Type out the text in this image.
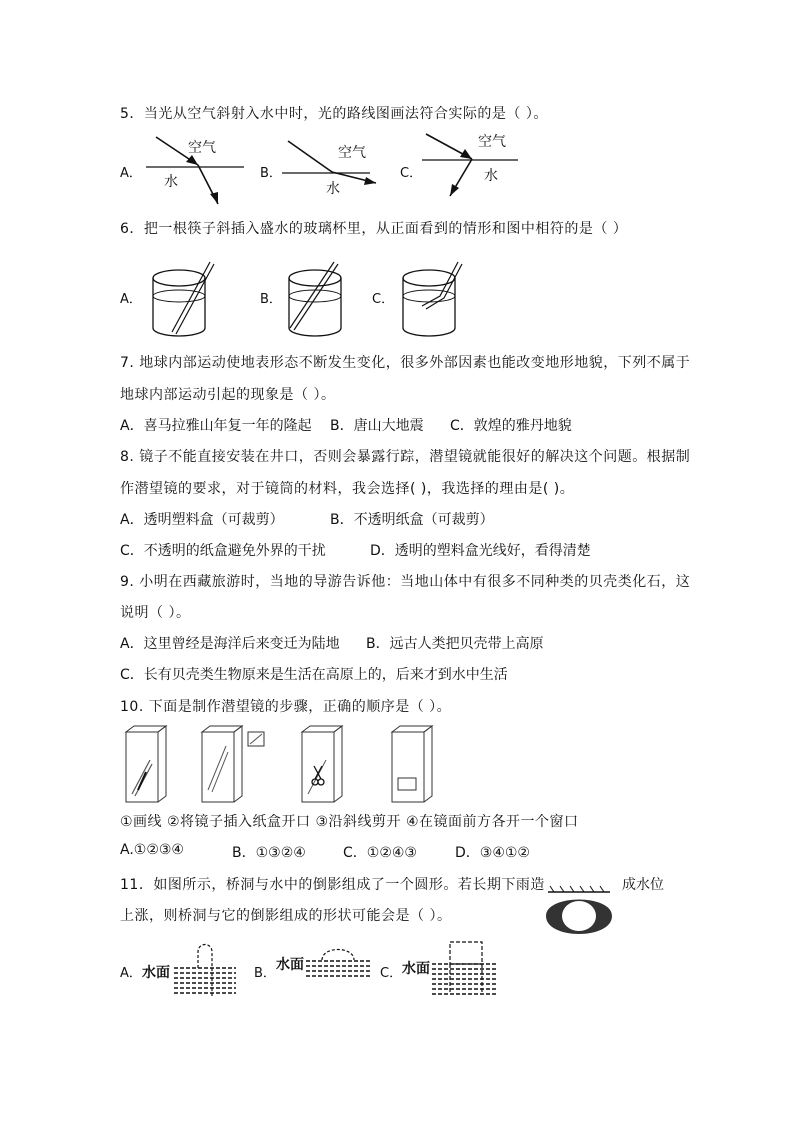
5．当光从空气斜射入水中时，光的路线图画法符合实际的是（ ）。
A．
空气
水
B．
空气
水
C．
空气
水
6．把一根筷子斜插入盛水的玻璃杯里，从正面看到的情形和图中相符的是（ ）
A．	B．	C．
7. 地球内部运动使地表形态不断发生变化，很多外部因素也能改变地形地貌，下列不属于
地球内部运动引起的现象是（ ）。
A．喜马拉雅山年复一年的隆起 B．唐山大地震 C．敦煌的雅丹地貌
8. 镜子不能直接安装在井口，否则会暴露行踪，潜望镜就能很好的解决这个问题。根据制
作潜望镜的要求，对于镜筒的材料，我会选择( )，我选择的理由是( )。
A．透明塑料盒（可裁剪）	B．不透明纸盒（可裁剪）
C．不透明的纸盒避免外界的干扰	D．透明的塑料盒光线好，看得清楚
9. 小明在西藏旅游时，当地的导游告诉他：当地山体中有很多不同种类的贝壳类化石，这
说明（ ）。
A．这里曾经是海洋后来变迁为陆地 B．远古人类把贝壳带上高原
C．长有贝壳类生物原来是生活在高原上的，后来才到水中生活
10. 下面是制作潜望镜的步骤，正确的顺序是（ ）。
①画线 ②将镜子插入纸盒开口 ③沿斜线剪开 ④在镜面前方各开一个窗口
A.①②③④	B．①③②④	C．①②④③	D．③④①②
11．如图所示，桥洞与水中的倒影组成了一个圆形。若长期下雨造	成水位
上涨，则桥洞与它的倒影组成的形状可能会是（ ）。
A． 水面	B．
水面
C． 水面
